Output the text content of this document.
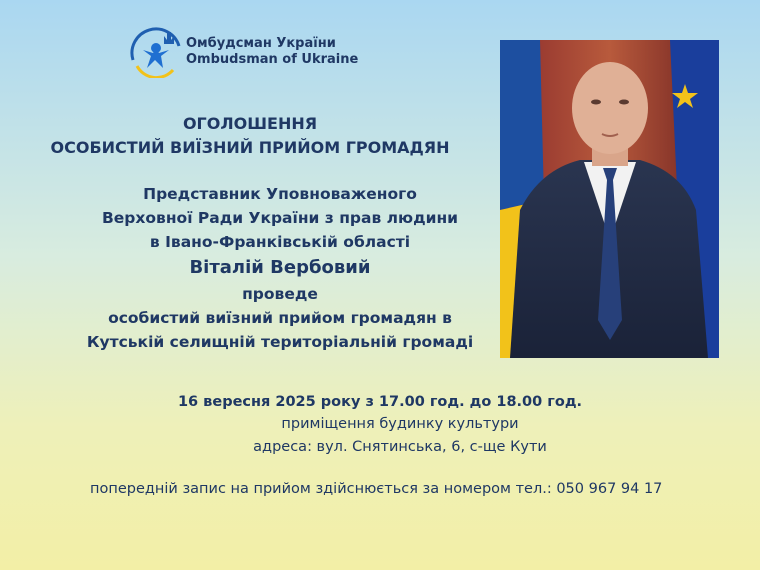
Омбудсман України
Ombudsman of Ukraine
ОГОЛОШЕННЯ
ОСОБИСТИЙ ВИЇЗНИЙ ПРИЙОМ ГРОМАДЯН
Представник Уповноваженого
Верховної Ради України з прав людини
в Івано-Франківській області
Віталій Вербовий
проведе
особистий виїзний прийом громадян в
Кутській селищній територіальній громаді
16 вересня 2025 року з 17.00 год. до 18.00 год.
приміщення будинку культури
адреса: вул. Снятинська, 6, с-ще Кути
попередній запис на прийом здійснюється за номером тел.: 050 967 94 17
